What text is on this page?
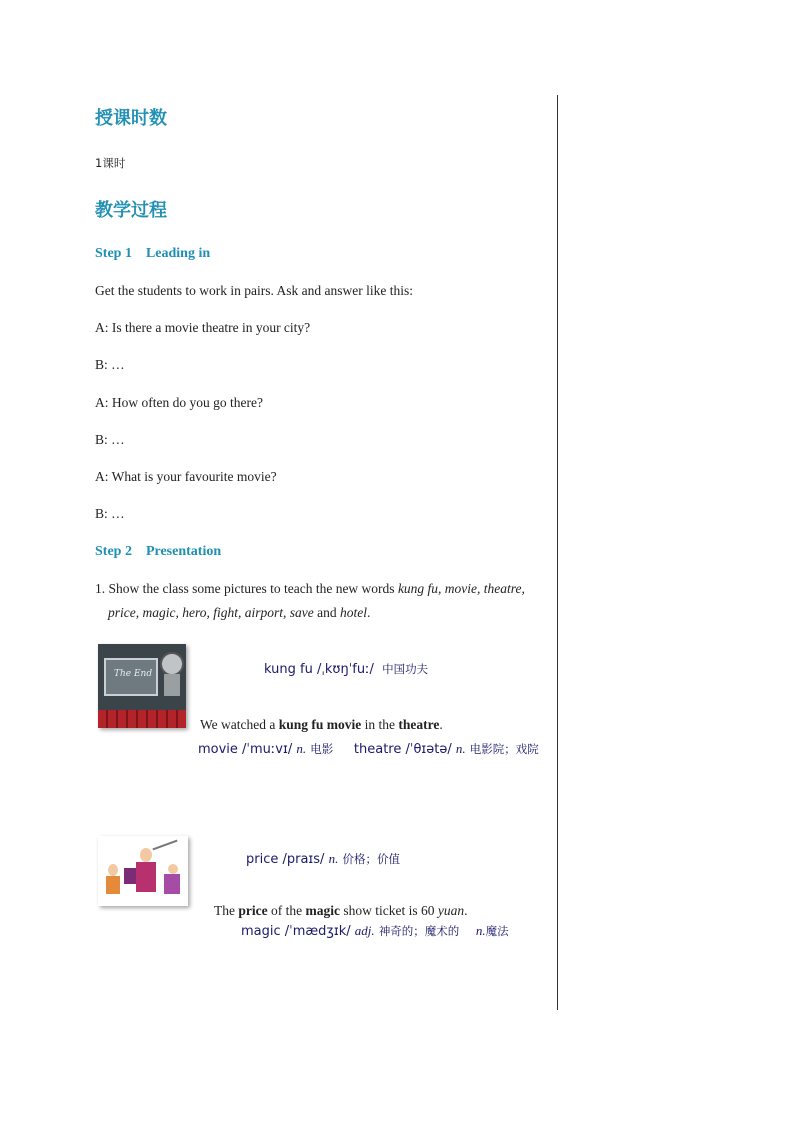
授课时数
1课时
教学过程
Step 1 Leading in
Get the students to work in pairs. Ask and answer like this:
A: Is there a movie theatre in your city?
B: …
A: How often do you go there?
B: …
A: What is your favourite movie?
B: …
Step 2 Presentation
1. Show the class some pictures to teach the new words kung fu, movie, theatre,
price, magic, hero, fight, airport, save and hotel.
The End	kung fu /ˌkʊŋˈfuː/ 中国功夫
We watched a kung fu movie in the theatre.
movie /ˈmuːvɪ/ n. 电影 theatre /ˈθɪətə/ n. 电影院；戏院
price /praɪs/ n. 价格；价值
The price of the magic show ticket is 60 yuan.
magic /ˈmædʒɪk/ adj. 神奇的；魔术的 n.魔法
